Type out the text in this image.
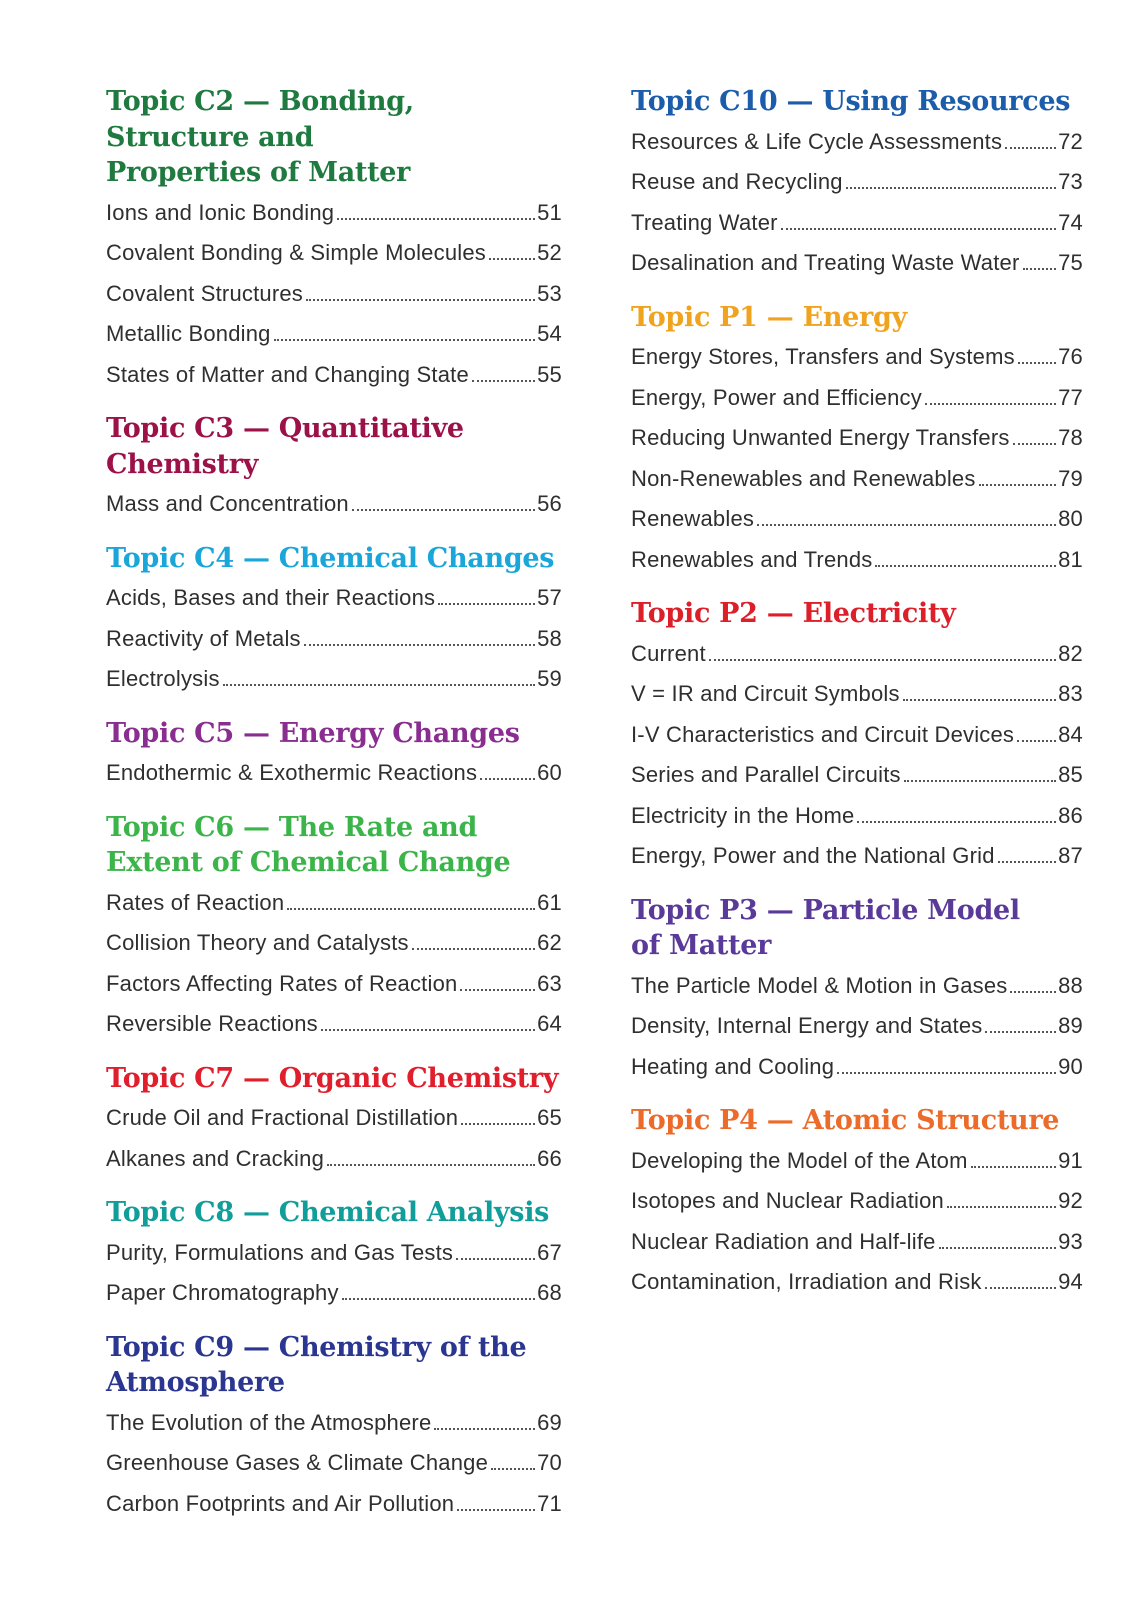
Topic C2 — Bonding,
Structure and
Properties of Matter
Ions and Ionic Bonding	51
Covalent Bonding & Simple Molecules 52
Covalent Structures	53
Metallic Bonding	54
States of Matter and Changing State	55
Topic C3 — Quantitative
Chemistry
Mass and Concentration	56
Topic C4 — Chemical Changes
Acids, Bases and their Reactions	57
Reactivity of Metals	58
Electrolysis	59
Topic C5 — Energy Changes
Endothermic & Exothermic Reactions	60
Topic C6 — The Rate and
Extent of Chemical Change
Rates of Reaction	61
Collision Theory and Catalysts	62
Factors Affecting Rates of Reaction	63
Reversible Reactions	64
Topic C7 — Organic Chemistry
Crude Oil and Fractional Distillation	65
Alkanes and Cracking	66
Topic C8 — Chemical Analysis
Purity, Formulations and Gas Tests	67
Paper Chromatography	68
Topic C9 — Chemistry of the
Atmosphere
The Evolution of the Atmosphere	69
Greenhouse Gases & Climate Change 70
Carbon Footprints and Air Pollution	71
Topic C10 — Using Resources
Resources & Life Cycle Assessments	72
Reuse and Recycling	73
Treating Water	74
Desalination and Treating Waste Water 75
Topic P1 — Energy
Energy Stores, Transfers and Systems 76
Energy, Power and Efficiency	77
Reducing Unwanted Energy Transfers 78
Non-Renewables and Renewables	79
Renewables	80
Renewables and Trends	81
Topic P2 — Electricity
Current	82
V = IR and Circuit Symbols	83
I-V Characteristics and Circuit Devices 84
Series and Parallel Circuits	85
Electricity in the Home	86
Energy, Power and the National Grid	87
Topic P3 — Particle Model
of Matter
The Particle Model & Motion in Gases 88
Density, Internal Energy and States	89
Heating and Cooling	90
Topic P4 — Atomic Structure
Developing the Model of the Atom	91
Isotopes and Nuclear Radiation	92
Nuclear Radiation and Half-life	93
Contamination, Irradiation and Risk	94
